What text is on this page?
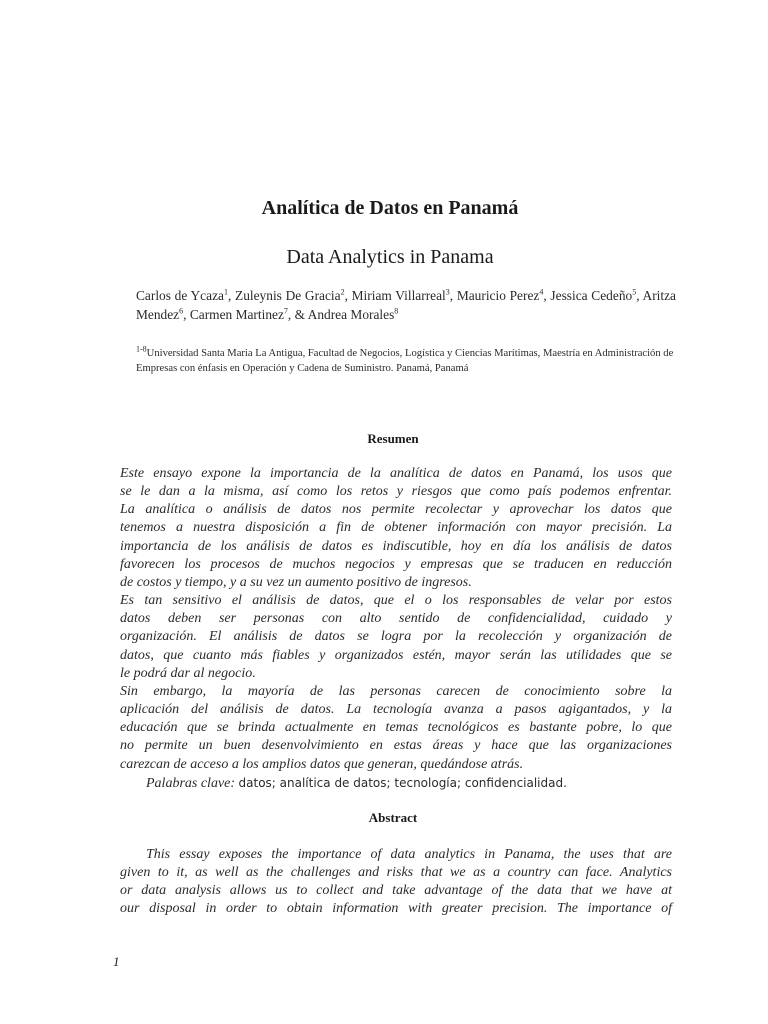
Analítica de Datos en Panamá
Data Analytics in Panama
Carlos de Ycaza$^1$, Zuleynis De Gracia$^2$, Miriam Villarreal$^3$, Mauricio Perez$^4$, Jessica Cedeño$^5$, Aritza Mendez$^6$, Carmen Martinez$^7$, & Andrea Morales$^8$
$^{1-8}$Universidad Santa Maria La Antigua, Facultad de Negocios, Logística y Ciencias Marítimas, Maestría en Administración de Empresas con énfasis en Operación y Cadena de Suministro. Panamá, Panamá
Resumen

Este ensayo expone la importancia de la analítica de datos en Panamá, los usos que
se le dan a la misma, así como los retos y riesgos que como país podemos enfrentar.
La analítica o análisis de datos nos permite recolectar y aprovechar los datos que
tenemos a nuestra disposición a fin de obtener información con mayor precisión. La
importancia de los análisis de datos es indiscutible, hoy en día los análisis de datos
favorecen los procesos de muchos negocios y empresas que se traducen en reducción
de costos y tiempo, y a su vez un aumento positivo de ingresos.

Es tan sensitivo el análisis de datos, que el o los responsables de velar por estos
datos deben ser personas con alto sentido de confidencialidad, cuidado y
organización. El análisis de datos se logra por la recolección y organización de
datos, que cuanto más fiables y organizados estén, mayor serán las utilidades que se
le podrá dar al negocio.

Sin embargo, la mayoría de las personas carecen de conocimiento sobre la
aplicación del análisis de datos. La tecnología avanza a pasos agigantados, y la
educación que se brinda actualmente en temas tecnológicos es bastante pobre, lo que
no permite un buen desenvolvimiento en estas áreas y hace que las organizaciones
carezcan de acceso a los amplios datos que generan, quedándose atrás.

Palabras clave: datos; analítica de datos; tecnología; confidencialidad.

Abstract

This essay exposes the importance of data analytics in Panama, the uses that are
given to it, as well as the challenges and risks that we as a country can face. Analytics
or data analysis allows us to collect and take advantage of the data that we have at
our disposal in order to obtain information with greater precision. The importance of

1
